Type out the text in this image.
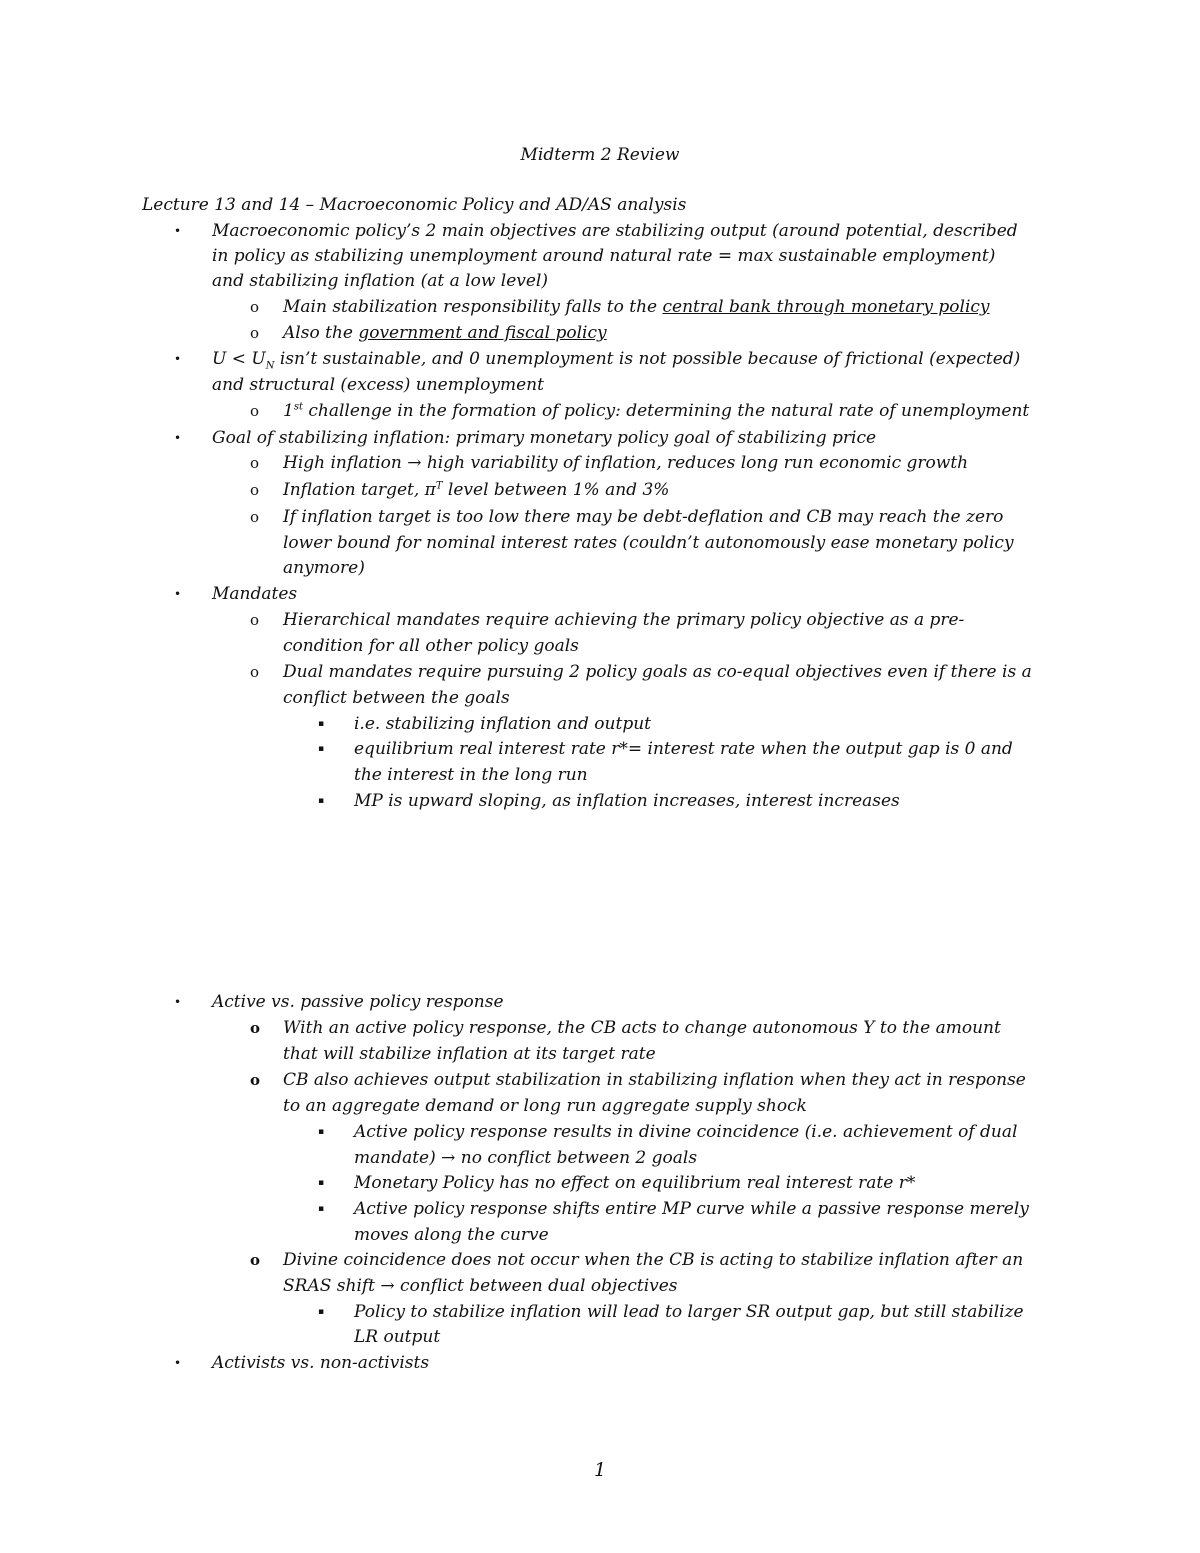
Midterm 2 Review
Lecture 13 and 14 – Macroeconomic Policy and AD/AS analysis
• Macroeconomic policy’s 2 main objectives are stabilizing output (around potential, described
in policy as stabilizing unemployment around natural rate = max sustainable employment)
and stabilizing inflation (at a low level)
o Main stabilization responsibility falls to the central bank through monetary policy
o Also the government and fiscal policy
• $U < U_N$ isn’t sustainable, and 0 unemployment is not possible because of frictional (expected)
and structural (excess) unemployment
o 1st challenge in the formation of policy: determining the natural rate of unemployment
• Goal of stabilizing inflation: primary monetary policy goal of stabilizing price
o High inflation → high variability of inflation, reduces long run economic growth
o Inflation target, $\pi^T$ level between 1% and 3%
o If inflation target is too low there may be debt-deflation and CB may reach the zero
lower bound for nominal interest rates (couldn’t autonomously ease monetary policy
anymore)
• Mandates
o Hierarchical mandates require achieving the primary policy objective as a pre-
condition for all other policy goals
o Dual mandates require pursuing 2 policy goals as co-equal objectives even if there is a
conflict between the goals
▪ i.e. stabilizing inflation and output
▪ equilibrium real interest rate r*= interest rate when the output gap is 0 and
the interest in the long run
▪ MP is upward sloping, as inflation increases, interest increases
• Active vs. passive policy response
o With an active policy response, the CB acts to change autonomous Y to the amount
that will stabilize inflation at its target rate
o CB also achieves output stabilization in stabilizing inflation when they act in response
to an aggregate demand or long run aggregate supply shock
▪ Active policy response results in divine coincidence (i.e. achievement of dual
mandate) → no conflict between 2 goals
▪ Monetary Policy has no effect on equilibrium real interest rate r*
▪ Active policy response shifts entire MP curve while a passive response merely
moves along the curve
o Divine coincidence does not occur when the CB is acting to stabilize inflation after an
SRAS shift → conflict between dual objectives
▪ Policy to stabilize inflation will lead to larger SR output gap, but still stabilize
LR output
• Activists vs. non-activists
1
